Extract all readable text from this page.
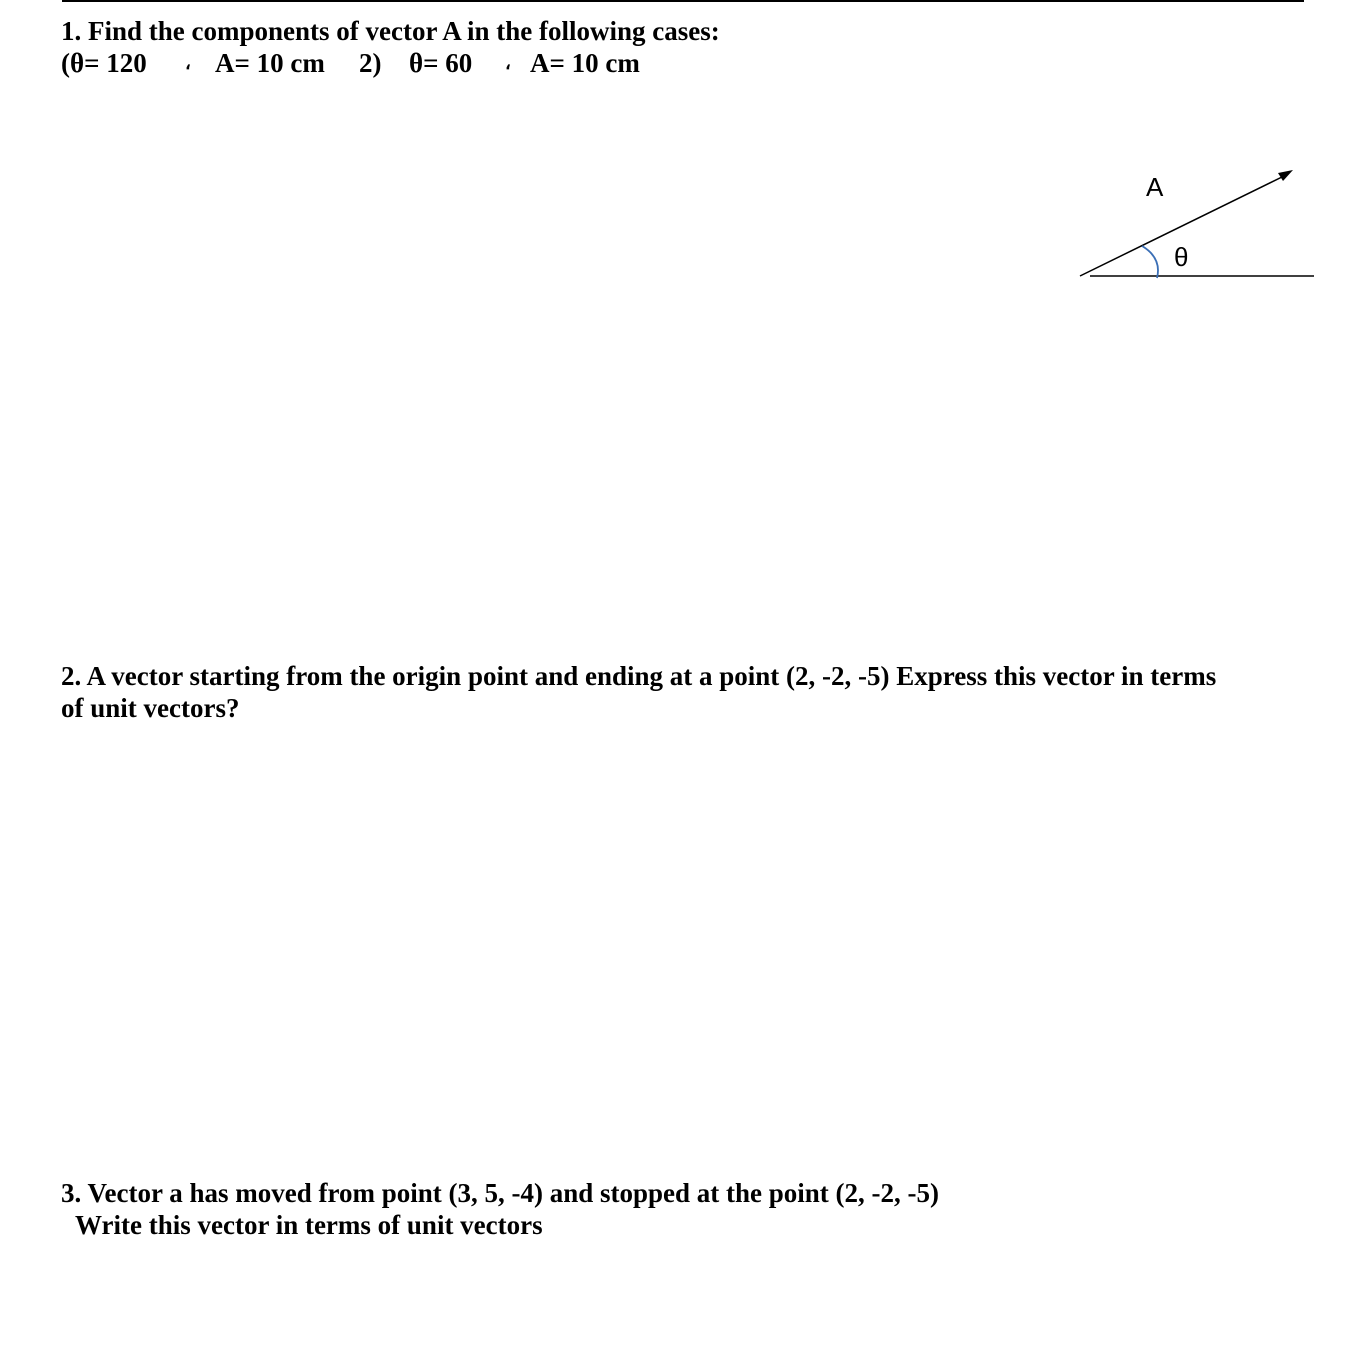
1. Find the components of vector A in the following cases:
(θ= 120 ، A= 10 cm 2) θ= 60 ، A= 10 cm
A
θ
2. A vector starting from the origin point and ending at a point (2, -2, -5) Express this vector in terms
of unit vectors?
3. Vector a has moved from point (3, 5, -4) and stopped at the point (2, -2, -5)
Write this vector in terms of unit vectors
